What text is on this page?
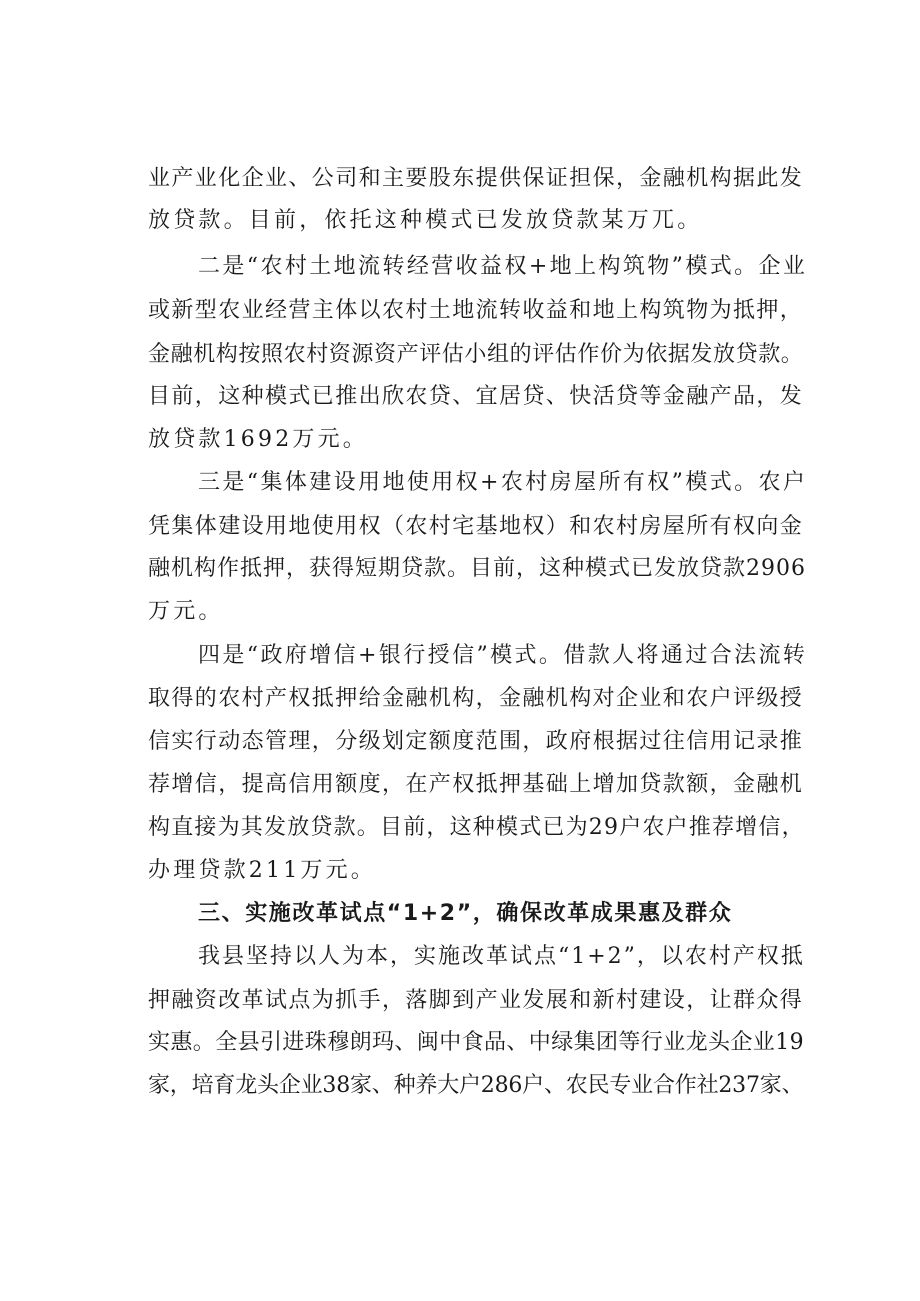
业产业化企业、公司和主要股东提供保证担保，金融机构据此发
放贷款。目前，依托这种模式已发放贷款某万兀。
二是“农村土地流转经营收益权+地上构筑物”模式。企业
或新型农业经营主体以农村土地流转收益和地上构筑物为抵押，
金融机构按照农村资源资产评估小组的评估作价为依据发放贷款。
目前，这种模式已推出欣农贷、宜居贷、快活贷等金融产品，发
放贷款1692万元。
三是“集体建设用地使用权+农村房屋所有权”模式。农户
凭集体建设用地使用权（农村宅基地权）和农村房屋所有权向金
融机构作抵押，获得短期贷款。目前，这种模式已发放贷款2906
万元。
四是“政府增信+银行授信”模式。借款人将通过合法流转
取得的农村产权抵押给金融机构，金融机构对企业和农户评级授
信实行动态管理，分级划定额度范围，政府根据过往信用记录推
荐增信，提高信用额度，在产权抵押基础上增加贷款额，金融机
构直接为其发放贷款。目前，这种模式已为29户农户推荐增信，
办理贷款211万元。
三、实施改革试点“1+2”，确保改革成果惠及群众
我县坚持以人为本，实施改革试点“1+2”，以农村产权抵
押融资改革试点为抓手，落脚到产业发展和新村建设，让群众得
实惠。全县引进珠穆朗玛、闽中食品、中绿集团等行业龙头企业19
家，培育龙头企业38家、种养大户286户、农民专业合作社237家、
